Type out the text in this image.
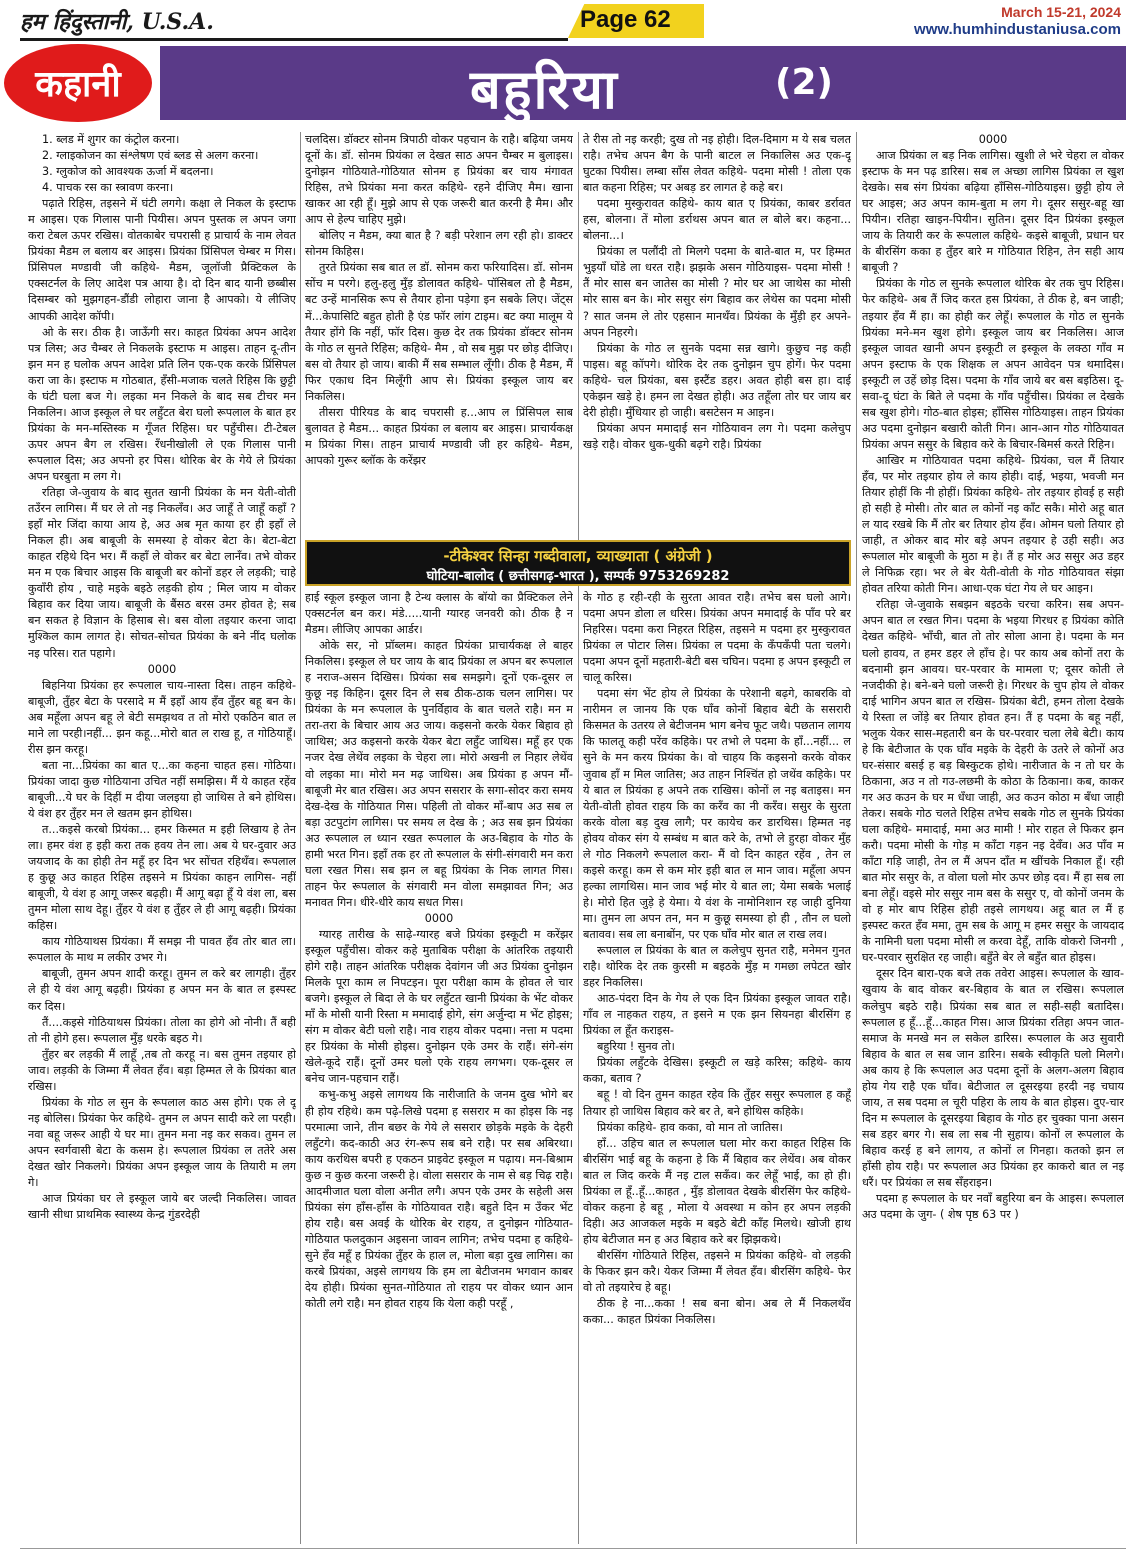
हम हिंदुस्तानी, U.S.A.	Page 62	March 15-21, 2024
www.humhindustaniusa.com
कहानी	बहुरिया	(2)

1. ब्लड में शुगर का कंट्रोल करना।

2. ग्लाइकोजन का संश्लेषण एवं ब्लड से अलग करना।

3. ग्लुकोज को आवश्यक ऊर्जा में बदलना।

4. पाचक रस का स्त्रावण करना।

पढ़ाते रिहिस, तइसने में घंटी लगगे। कक्षा ले निकल के इस्टाफ म आइस। एक गिलास पानी पियीस। अपन पुस्तक ल अपन जगा करा टेबल ऊपर रखिस। वोतकाबेर चपरासी ह प्राचार्य के नाम लेवत प्रियंका मैडम ल बलाय बर आइस। प्रियंका प्रिंसिपल चेम्बर म गिस। प्रिंसिपल मण्डावी जी कहिथे- मैडम, जूलॉजी प्रैक्टिकल के एक्सटर्नल के लिए आदेश पत्र आया है। दो दिन बाद यानी छब्बीस दिसम्बर को मुझगहन-डौंडी लोहारा जाना है आपको। ये लीजिए आपकी आदेश कॉपी।

ओ के सर। ठीक है। जाऊँगी सर। काहत प्रियंका अपन आदेश पत्र लिस; अउ चैम्बर ले निकलके इस्टाफ म आइस। ताहन दू-तीन झन मन ह घलोक अपन आदेश प्रति लिन एक-एक करके प्रिंसिपल करा जा के। इस्टाफ म गोठबात, हँसी-मजाक चलते रिहिस कि छुट्टी के घंटी घला बज गे। लइका मन निकले के बाद सब टीचर मन निकलिन। आज इस्कूल ले घर लहुँटत बेरा घलो रूपलाल के बात हर प्रियंका के मन-मस्तिस्क म गूँजत रिहिस। घर पहुँचीस। टी-टेबल ऊपर अपन बैग ल रखिस। रँधनीखोली ले एक गिलास पानी रूपलाल दिस; अउ अपनो हर पिस। थोरिक बेर के गेये ले प्रियंका अपन घरबुता म लग गे।

रतिहा जे-जुवाय के बाद सुतत खानी प्रियंका के मन येती-वोती तउँरन लागिस। मैं घर ले तो नइ निकलँव। अउ जाहूँ ते जाहूँ कहाँ ? इहाँ मोर जिंदा काया आय हे, अउ अब मृत काया हर ही इहाँ ले निकल ही। अब बाबूजी के समस्या हे वोकर बेटा के। बेटा-बेटा काहत रहिथे दिन भर। मैं कहाँ ले वोकर बर बेटा लानँव। तभे वोकर मन म एक बिचार आइस कि बाबूजी बर कोनों डहर ले लड़की; चाहे कुवाँरी होय , चाहे मइके बइठे लड़की होय ; मिल जाय म वोकर बिहाव कर दिया जाय। बाबूजी के बैंसठ बरस उमर होवत हे; सब बन सकत हे विज्ञान के हिसाब से। बस वोला तइयार करना जादा मुश्किल काम लागत हे। सोचत-सोचत प्रियंका के बने नींद घलोक नइ परिस। रात पहागे।

0000

बिहनिया प्रियंका हर रूपलाल चाय-नास्ता दिस। ताहन कहिथे- बाबूजी, तुँहर बेटा के परसादे म मैं इहाँ आय हँव तुँहर बहू बन के। अब महूँला अपन बहू ले बेटी समझथव त तो मोरो एकठिन बात ल माने ला परही।नहीं... झन कहू...मोरो बात ल राख हू, त गोठियाहूँ। रीस झन करहू।

बता ना...प्रियंका का बात ए...का कहना चाहत हस। गोठिया। प्रियंका जादा कुछ गोठियाना उचित नहीं समझिस। मैं ये काहत रहेंव बाबूजी...ये घर के दिहीं म दीया जलइया हो जाथिस ते बने होथिस। ये वंश हर तुँहर मन ले खतम झन होथिस।

त...कइसे करबो प्रियंका... हमर किस्मत म इही लिखाय हे तेन ला। हमर वंश ह इही करा तक हवय तेन ला। अब ये घर-दुवार अउ जयजाद के का होही तेन महूँ हर दिन भर सोंचत रहिथँव। रूपलाल ह कुछू अउ काहत रिहिस तइसने म प्रियंका काहन लागिस- नहीं बाबूजी, ये वंश ह आगू जरूर बढ़ही। मैं आगू बढ़ा हूँ ये वंश ला, बस तुमन मोला साथ देहू। तुँहर ये वंश ह तुँहर ले ही आगू बढ़ही। प्रियंका कहिस।

काय गोठियाथस प्रियंका। मैं समझ नी पावत हँव तोर बात ला। रूपलाल के माथ म लकीर उभर गे।

बाबूजी, तुमन अपन शादी करहू। तुमन ल करे बर लागही। तुँहर ले ही ये वंश आगू बढ़ही। प्रियंका ह अपन मन के बात ल इस्पस्ट कर दिस।

तैं....कइसे गोठियाथस प्रियंका। तोला का होगे ओ नोनी। तैं बही तो नी होगे हस। रूपलाल मुँड़ धरके बइठ गे।

तुँहर बर लड़की मैं लाहूँ ,तब तो करहू न। बस तुमन तइयार हो जाव। लड़की के जिम्मा मैं लेवत हँव। बड़ा हिम्मत ले के प्रियंका बात रखिस।

प्रियंका के गोठ ल सुन के रूपलाल काठ अस होगे। एक ले दू नइ बोलिस। प्रियंका फेर कहिथे- तुमन ल अपन सादी करे ला परही। नवा बहू जरूर आही ये घर मा। तुमन मना नइ कर सकव। तुमन ल अपन स्वर्गवासी बेटा के कसम हे। रूपलाल प्रियंका ल ततेरे अस देखत खोर निकलगे। प्रियंका अपन इस्कूल जाय के तियारी म लग गे।

आज प्रियंका घर ले इस्कूल जाये बर जल्दी निकलिस। जावत खानी सीधा प्राथमिक स्वास्थ्य केन्द्र गुंडरदेही

चलदिस। डॉक्टर सोनम त्रिपाठी वोकर पहचान के राहै। बढ़िया जमय दूनों के। डॉ. सोनम प्रियंका ल देखत साठ अपन चैम्बर म बुलाइस। दुनोझन गोठियाते-गोठियात सोनम ह प्रियंका बर चाय मंगावत रिहिस, तभे प्रियंका मना करत कहिथे- रहने दीजिए मैम। खाना खाकर आ रही हूँ। मुझे आप से एक जरूरी बात करनी है मैम। और आप से हेल्प चाहिए मुझे।

बोलिए न मैडम, क्या बात है ? बड़ी परेशान लग रही हो। डाक्टर सोनम किहिस।

तुरते प्रियंका सब बात ल डॉ. सोनम करा फरियादिस। डॉ. सोनम सोंच म परगे। हलु-हलु मुँड़ डोलावत कहिथे- पॉसिबल तो है मैडम, बट उन्हें मानसिक रूप से तैयार होना पड़ेगा इन सबके लिए। जेंट्स में...केपासिटि बहुत होती है एंड फॉर लांग टाइम। बट क्या मालूम ये तैयार होंगे कि नहीं, फॉर दिस। कुछ देर तक प्रियंका डॉक्टर सोनम के गोठ ल सुनते रिहिस; कहिथे- मैम , वो सब मुझ पर छोड़ दीजिए। बस वो तैयार हो जाय। बाकी मैं सब सम्भाल लूँगी। ठीक है मैडम, मैं फिर एकाध दिन मिलूँगी आप से। प्रियंका इस्कूल जाय बर निकलिस।

तीसरा पीरियड के बाद चपरासी ह...आप ल प्रिंसिपल साब बुलावत हे मैडम... काहत प्रियंका ल बलाय बर आइस। प्राचार्यकक्ष म प्रियंका गिस। ताहन प्राचार्य मण्डावी जी हर कहिथे- मैडम, आपको गुरूर ब्लॉक के करेंझर

ते रीस तो नइ करही; दुख तो नइ होही। दिल-दिमाग म ये सब चलत राहै। तभेच अपन बैग के पानी बाटल ल निकालिस अउ एक-दू घुटका पियीस। लम्बा साँस लेवत कहिथे- पदमा मोसी ! तोला एक बात कहना रिहिस; पर अबड़ डर लागत हे कहे बर।

पदमा मुस्कुरावत कहिथे- काय बात ए प्रियंका, काबर डर्रावत हस, बोलना। तें मोला डर्राथस अपन बात ल बोले बर। कहना... बोलना...।

प्रियंका ल पलौंदी तो मिलगे पदमा के बाते-बात म, पर हिम्मत भुइयाँ घोंडे ला धरत राहै। झझके असन गोठियाइस- पदमा मोसी ! तैं मोर सास बन जातेस का मोसी ? मोर घर आ जाथेस का मोसी मोर सास बन के। मोर ससुर संग बिहाव कर लेथेस का पदमा मोसी ? सात जनम ले तोर एहसान मानथँव। प्रियंका के मुँड़ी हर अपने-अपन निहरगे।

प्रियंका के गोठ ल सुनके पदमा सन्न खागे। कुछुच नइ कही पाइस। बहू कॉपगे। थोरिक देर तक दुनोझन चुप होगें। फेर पदमा कहिथे- चल प्रियंका, बस इस्टैंड डहर। अवत होही बस हा। दाई एकेझन खड़े हे। हमन ला देखत होही। अउ तहूँला तोर घर जाय बर देरी होही। मुँधियार हो जाही। बसटेसन म आइन।

प्रियंका अपन ममादाई सन गोठियावन लग गे। पदमा कलेचुप खड़े राहै। वोकर धुक-धुकी बढ़गे राहै। प्रियंका

-टीकेश्वर सिन्हा गब्दीवाला, व्याख्याता ( अंग्रेजी )
घोटिया-बालोद ( छत्तीसगढ़-भारत ), सम्पर्क 9753269282

हाई स्कूल इस्कूल जाना है टेन्थ क्लास के बॉयो का प्रैक्टिकल लेने एक्सटर्नल बन कर। मंडे.....यानी ग्यारह जनवरी को। ठीक है न मैडम। लीजिए आपका आर्डर।

ओके सर, नो प्रॉब्लम। काहत प्रियंका प्राचार्यकक्ष ले बाहर निकलिस। इस्कूल ले घर जाय के बाद प्रियंका ल अपन बर रूपलाल ह नराज-असन दिखिस। प्रियंका सब समझगे। दूनों एक-दूसर ल कुछू नइ किहिन। दूसर दिन ले सब ठीक-ठाक चलन लागिस। पर प्रियंका के मन रूपलाल के पुनर्विहाव के बात चलते राहै। मन म तरा-तरा के बिचार आय अउ जाय। कइसनो करके येकर बिहाव हो जाथिस; अउ कइसनो करके येकर बेटा लहुँट जाथिस। महूँ हर एक नजर देख लेथेंव लइका के चेहरा ला। मोरो अखनी ल निहार लेथेंव वो लइका मा। मोरो मन मढ़ जाथिस। अब प्रियंका ह अपन मौं-बाबूजी मेर बात रखिस। अउ अपन ससरार के सगा-सोदर करा समय देख-देख के गोठियात गिस। पहिली तो वोकर माँ-बाप अउ सब ल बड़ा उटपुटांग लागिस। पर समय ल देख के ; अउ सब झन प्रियंका अउ रूपलाल ल ध्यान रखत रूपलाल के अउ-बिहाव के गोठ के हामी भरत गिन। इहाँ तक हर तो रूपलाल के संगी-संगवारी मन करा घला रखत गिस। सब झन ल बहू प्रियंका के निक लागत गिस। ताहन फेर रूपलाल के संगवारी मन वोला समझावत गिन; अउ मनावत गिन। धीरे-धीरे काय सधत गिस।

0000

ग्यारह तारीख के साढ़े-ग्यारह बजे प्रियंका इस्कूटी म करेंझर इस्कूल पहुँचीस। वोकर कहे मुताबिक परीक्षा के आंतरिक तइयारी होगे राहै। ताहन आंतरिक परीक्षक देवांगन जी अउ प्रियंका दुनोझन मिलके पूरा काम ल निपटइन। पूरा परीक्षा काम के होवत ले चार बजगे। इस्कूल ले बिदा ले के घर लहुँटत खानी प्रियंका के भेंट वोकर माँ के मोसी यानी रिस्ता म ममादाई होगे, संग अर्जुन्दा म भेंट होइस; संग म वोकर बेटी घलो राहै। नाव राहय वोकर पदमा। नत्ता म पदमा हर प्रियंका के मोसी होइस। दुनोझन एके उमर के राहैं। संगे-संग खेले-कूदे राहैं। दूनों उमर घलो एके राहय लगभग। एक-दूसर ल बनेच जान-पहचान राहैं।

कभु-कभु अइसे लागथय कि नारीजाति के जनम दुख भोगे बर ही होय रहिथे। कम पढ़े-लिखे पदमा ह ससरार म का होइस कि नइ परमात्मा जाने, तीन बछर के गेये ले ससरार छोड़के मइके के देहरी लहुँटगे। कद-काठी अउ रंग-रूप सब बने राहै। पर सब अबिरथा। काय करथिस बपरी ह एकठन प्राइवेट इस्कूल म पढ़ाय। मन-बिश्राम कुछ न कुछ करना जरूरी हे। वोला ससरार के नाम से बड़ चिढ़ राहै। आदमीजात घला वोला अनीत लगै। अपन एके उमर के सहेली अस प्रियंका संग हाँस-हाँस के गोठियावत राहै। बहुते दिन म उँकर भेंट होय राहै। बस अवई के थोरिक बेर राहय, त दुनोझन गोठियात-गोठियात फलदुकान अइसना जावन लागिन; तभेच पदमा ह कहिथे- सुने हँव महूँ ह प्रियंका तुँहर के हाल ल, मोला बड़ा दुख लागिस। का करबे प्रियंका, अइसे लागथय कि हम ला बेटीजनम भगवान काबर देय होही। प्रियंका सुनत-गोठियात तो राहय पर वोकर ध्यान आन कोती लगे राहै। मन होवत राहय कि येला कही परहूँ ,

के गोठ ह रही-रही के सुरता आवत राहै। तभेच बस घलो आगे। पदमा अपन डोला ल धरिस। प्रियंका अपन ममादाई के पाँव परे बर निहरिस। पदमा करा निहरत रिहिस, तइसने म पदमा हर मुस्कुरावत प्रियंका ल पोटार लिस। प्रियंका ल पदमा के कँपकँपी पता चलगे। पदमा अपन दूनों महतारी-बेटी बस चघिन। पदमा ह अपन इस्कूटी ल चालू करिस।

पदमा संग भेंट होय ले प्रियंका के परेशानी बढ़गे, काबरकि वो नारीमन ल जानय कि एक घाँव कोनों बिहाव बेटी के ससरारी किसमत के उतरय ले बेटीजनम भाग बनेच फूट जथै। पछतान लागय कि फालतू कही परेंव कहिके। पर तभो ले पदमा के हाँ...नहीं... ल सुने के मन करय प्रियंका के। वो चाहय कि कइसनो करके वोकर जुवाब हाँ म मिल जातिस; अउ ताहन निश्चिंत हो जथेंव कहिके। पर ये बात ल प्रियंका ह अपने तक राखिस। कोनों ल नइ बताइस। मन येती-वोती होवत राहय कि का करँव का नी करँव। ससुर के सुरता करके वोला बड़ दुख लागै; पर कायेच कर डारथिस। हिम्मत नइ होवय वोकर संग ये सम्बंध म बात करे के, तभो ले हुरहा वोकर मुँह ले गोठ निकलगे रूपलाल करा- मैं वो दिन काहत रहेंव , तेन ल कइसे करहू। कम से कम मोर इही बात ल मान जाव। महूँला अपन हल्का लागथिस। मान जाव भई मोर ये बात ला; येमा सबके भलाई हे। मोरो हित जुड़े हे येमा। ये वंश के नामोनिशान रह जाही दुनिया मा। तुमन ला अपन तन, मन म कुछू समस्या हो ही , तौन ल घलो बतावव। सब ला बनाबोंन, पर एक घाँव मोर बात ल राख लव।

रूपलाल ल प्रियंका के बात ल कलेचुप सुनत राहै, मनेमन गुनत राहै। थोरिक देर तक कुरसी म बइठके मुँड़ म गमछा लपेटत खोर डहर निकलिस।

आठ-पंदरा दिन के गेय ले एक दिन प्रियंका इस्कूल जावत राहै। गाँव ल नाहकत राहय, त इसने म एक झन सियनहा बीरसिंग ह प्रियंका ल हूँत कराइस-

बहुरिया ! सुनव तो।

प्रियंका लहुँटके देखिस। इस्कूटी ल खड़े करिस; कहिथे- काय कका, बताव ?

बहू ! वो दिन तुमन काहत रहेव कि तुँहर ससुर रूपलाल ह कहूँ तियार हो जाथिस बिहाव करे बर ते, बने होथिस कहिके।

प्रियंका कहिथे- हाव कका, वो मान तो जातिस।

हाँ... उहिच बात ल रूपलाल घला मोर करा काहत रिहिस कि बीरसिंग भाई बहू के कहना हे कि मैं बिहाव कर लेथेंव। अब वोकर बात ल जिद करके मैं नइ टाल सकँव। कर लेहूँ भाई, का हो ही। प्रियंका ल हूँ..हूँ...काहत , मुँड़ डोलावत देखके बीरसिंग फेर कहिथे- वोकर कहना हे बहू , मोला ये अवस्था म कोन हर अपन लड़की दिही। अउ आजकल मइके म बइठे बेटी काँह मिलथे। खोजी हाथ होय बेटीजात मन ह अउ बिहाव करे बर झिझकथे।

बीरसिंग गोठियाते रिहिस, तइसने म प्रियंका कहिथे- वो लड़की के फिकर झन करै। येकर जिम्मा मैं लेवत हँव। बीरसिंग कहिथे- फेर वो तो तइयारेच हे बहू।

ठीक हे ना...कका ! सब बना बोन। अब ले मैं निकलथँव कका... काहत प्रियंका निकलिस।

0000

आज प्रियंका ल बड़ निक लागिस। खुशी ले भरे चेहरा ल वोकर इस्टाफ के मन पढ़ डारिस। सब ल अच्छा लागिस प्रियंका ल खुश देखके। सब संग प्रियंका बढ़िया हाँसिस-गोठियाइस। छुट्टी होय ले घर आइस; अउ अपन काम-बुता म लग गे। दूसर ससुर-बहू खा पियीन। रतिहा खाइन-पियीन। सुतिन। दूसर दिन प्रियंका इस्कूल जाय के तियारी कर के रूपलाल कहिथे- कइसे बाबूजी, प्रधान घर के बीरसिंग कका ह तुँहर बारे म गोठियात रिहिन, तेन सही आय बाबूजी ?

प्रियंका के गोठ ल सुनके रूपलाल थोरिक बेर तक चुप रिहिस। फेर कहिथे- अब तैं जिद करत हस प्रियंका, ते ठीक हे, बन जाही; तइयार हँव मैं हा। का होही कर लेहूँ। रूपलाल के गोठ ल सुनके प्रियंका मने-मन खुश होगे। इस्कूल जाय बर निकलिस। आज इस्कूल जावत खानी अपन इस्कूटी ल इस्कूल के लक्ठा गाँव म अपन इस्टाफ के एक शिक्षक ल अपन आवेदन पत्र थमादिस। इस्कूटी ल उहें छोड़ दिस। पदमा के गाँव जाये बर बस बइठिस। दू-सवा-दू घंटा के बिते ले पदमा के गाँव पहुँचीस। प्रियंका ल देखके सब खुश होगे। गोठ-बात होइस; हाँसिस गोठियाइस। ताहन प्रियंका अउ पदमा दुनोझन बखारी कोती गिन। आन-आन गोठ गोठियावत प्रियंका अपन ससुर के बिहाव करे के बिचार-बिमर्स करते रिहिन।

आखिर म गोठियावत पदमा कहिथे- प्रियंका, चल मैं तियार हँव, पर मोर तइयार होय ले काय होही। दाई, भइया, भवजी मन तियार होहीं कि नी होहीं। प्रियंका कहिथे- तोर तइयार होवई ह सही हो सही हे मोसी। तोर बात ल कोनों नइ काँट सकै। मोरो अहू बात ल याद रखबे कि मैं तोर बर तियार होय हँव। ओमन घलो तियार हो जाही, त ओकर बाद मोर बड़े अपन तइयार हे उही सही। अउ रूपलाल मोर बाबूजी के मुठा म हे। तैं ह मोर अउ ससुर अउ डहर ले निफिक्र रहा। भर ले बेर येती-वोती के गोठ गोठियावत संझा होवत तरिया कोती गिन। आधा-एक घंटा गेय ले घर आइन।

रतिहा जे-जुवाके सबझन बइठके चरचा करिन। सब अपन-अपन बात ल रखत गिन। पदमा के भइया गिरधर ह प्रियंका कोति देखत कहिथे- भाँची, बात तो तोर सोला आना हे। पदमा के मन घलो हावय, त हमर डहर ले हाँच हे। पर काय अब कोनों तरा के बदनामी झन आवय। घर-परवार के मामला ए; दूसर कोती ले नजदीकी हे। बने-बने घलो जरूरी हे। गिरधर के चुप होय ले वोकर दाई भागिन अपन बात ल रखिस- प्रियंका बेटी, हमन तोला देखके ये रिस्ता ल जोंड़े बर तियार होवत हन। तैं ह पदमा के बहू नहीं, भलुक येकर सास-महतारी बन के घर-परवार चला लेबे बेटी। काय हे कि बेटीजात के एक घाँव मइके के देहरी के उतरे ले कोनों अउ घर-संसार बसई ह बड़ बिस्कुटक होथे। नारीजात के न तो घर के ठिकाना, अउ न तो गउ-लछमी के कोठा के ठिकाना। कब, काकर गर अउ कउन के घर म धँधा जाही, अउ कउन कोठा म बँधा जाही तेकर। सबके गोठ चलते रिहिस तभेच सबके गोठ ल सुनके प्रियंका घला कहिथे- ममादाई, ममा अउ मामी ! मोर राहत ले फिकर झन करौ। पदमा मोसी के गोड़ म काँटा गड़न नइ देवँव। अउ पाँव म काँटा गड़ि जाही, तेन ल मैं अपन दाँत म खींचके निकाल हूँ। रही बात मोर ससुर के, त वोला घलो मोर ऊपर छोड़ दव। मैं हा सब ला बना लेहूँ। वइसे मोर ससुर नाम बस के ससुर ए, वो कोनों जनम के वो ह मोर बाप रिहिस होही तइसे लागथय। अहू बात ल मैं ह इस्पस्ट करत हँव ममा, तुम सब के आगू म हमर ससुर के जायदाद के नामिनी घला पदमा मोसी ल करवा देहूँ, ताकि वोकरो जिनगी , घर-परवार सुरक्षित रह जाही। बहुँते बेर ले बहुँत बात होइस।

दूसर दिन बारा-एक बजे तक तवेरा आइस। रूपलाल के खाव-खुवाय के बाद वोकर बर-बिहाव के बात ल रखिस। रूपलाल कलेचुप बइठे राहै। प्रियंका सब बात ल सही-सही बतादिस। रूपलाल ह हूँ...हूँ...काहत गिस। आज प्रियंका रतिहा अपन जात-समाज के मनखे मन ल सकेल डारिस। रूपलाल के अउ सुवारी बिहाव के बात ल सब जान डारिन। सबके स्वीकृति घलो मिलगे। अब काय हे कि रूपलाल अउ पदमा दूनों के अलग-अलग बिहाव होय गेय राहै एक घाँव। बेटीजात ल दूसरइया हरदी नइ चघाय जाय, त सब पदमा ल चूरी पहिरा के लाय के बात होइस। दुए-चार दिन म रूपलाल के दूसरइया बिहाव के गोठ हर चुक्का पाना असन सब डहर बगर गे। सब ला सब नी सुहाय। कोनों ल रूपलाल के बिहाव करई ह बने लागय, त कोनों ल गिनहा। कतको झन ल हाँसी होय राहै। पर रूपलाल अउ प्रियंका हर काकरो बात ल नइ धरैं। पर प्रियंका ल सब सँहराइन।

पदमा ह रूपलाल के घर नवाँ बहुरिया बन के आइस। रूपलाल अउ पदमा के जुग- ( शेष पृष्ठ 63 पर )
